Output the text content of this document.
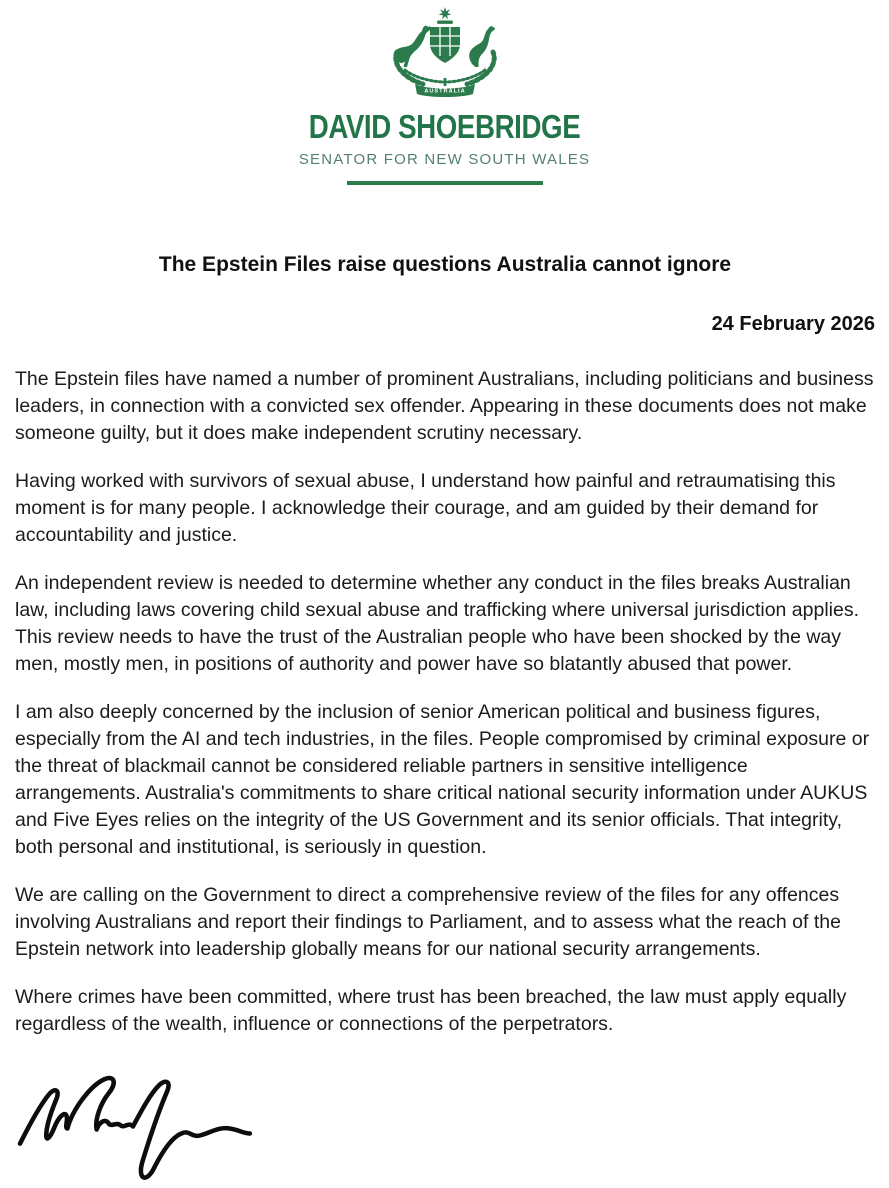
AUSTRALIA
DAVID SHOEBRIDGE
SENATOR FOR NEW SOUTH WALES
The Epstein Files raise questions Australia cannot ignore
24 February 2026

The Epstein files have named a number of prominent Australians, including politicians and business leaders, in connection with a convicted sex offender. Appearing in these documents does not make someone guilty, but it does make independent scrutiny necessary.

Having worked with survivors of sexual abuse, I understand how painful and retraumatising this moment is for many people. I acknowledge their courage, and am guided by their demand for accountability and justice.

An independent review is needed to determine whether any conduct in the files breaks Australian law, including laws covering child sexual abuse and trafficking where universal jurisdiction applies. This review needs to have the trust of the Australian people who have been shocked by the way men, mostly men, in positions of authority and power have so blatantly abused that power.

I am also deeply concerned by the inclusion of senior American political and business figures, especially from the AI and tech industries, in the files. People compromised by criminal exposure or the threat of blackmail cannot be considered reliable partners in sensitive intelligence arrangements. Australia's commitments to share critical national security information under AUKUS and Five Eyes relies on the integrity of the US Government and its senior officials. That integrity, both personal and institutional, is seriously in question.

We are calling on the Government to direct a comprehensive review of the files for any offences involving Australians and report their findings to Parliament, and to assess what the reach of the Epstein network into leadership globally means for our national security arrangements.

Where crimes have been committed, where trust has been breached, the law must apply equally regardless of the wealth, influence or connections of the perpetrators.
